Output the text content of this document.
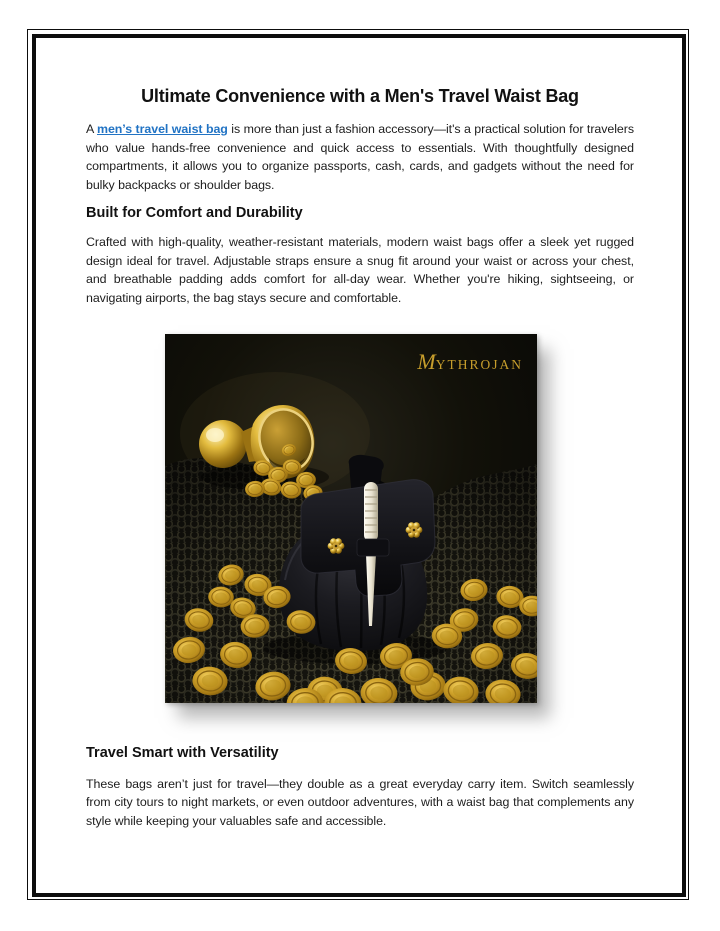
Ultimate Convenience with a Men's Travel Waist Bag

A men’s travel waist bag is more than just a fashion accessory—it's a practical solution for travelers who value hands-free convenience and quick access to essentials. With thoughtfully designed compartments, it allows you to organize passports, cash, cards, and gadgets without the need for bulky backpacks or shoulder bags.

Built for Comfort and Durability

Crafted with high-quality, weather-resistant materials, modern waist bags offer a sleek yet rugged design ideal for travel. Adjustable straps ensure a snug fit around your waist or across your chest, and breathable padding adds comfort for all-day wear. Whether you're hiking, sightseeing, or navigating airports, the bag stays secure and comfortable.

MYTHROJAN
Travel Smart with Versatility

These bags aren’t just for travel—they double as a great everyday carry item. Switch seamlessly from city tours to night markets, or even outdoor adventures, with a waist bag that complements any style while keeping your valuables safe and accessible.
